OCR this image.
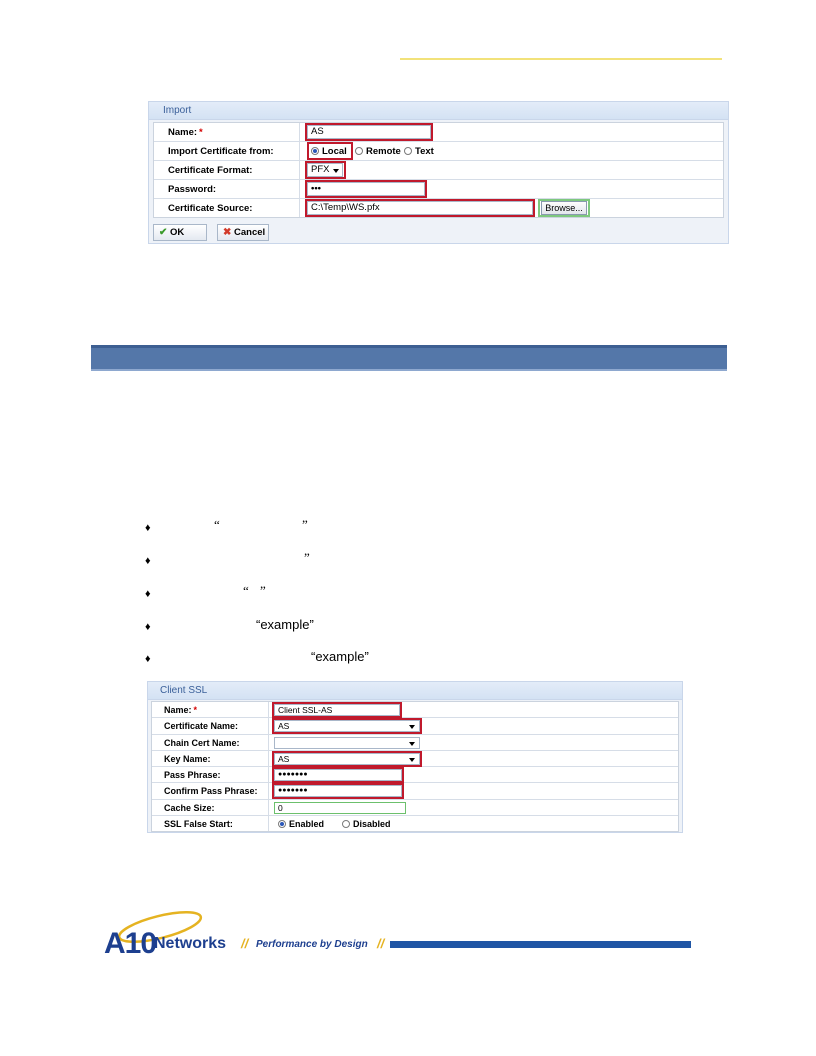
Import
Name: *	AS
Import Certificate from:	Local	Remote	Text
Certificate Format:	PFX
Password:	•••
Certificate Source:	C:\Temp\WS.pfx	Browse...
✔ OK	✖ Cancel
♦	“	”
♦	”
♦	“ ”
♦	“example”
♦	“example”
Client SSL
Name: *	Client SSL-AS
Certificate Name:	AS
Chain Cert Name:
Key Name:	AS
Pass Phrase:	●●●●●●●
Confirm Pass Phrase:	●●●●●●●
Cache Size:	0
SSL False Start:	Enabled	Disabled
A10
Networks // Performance by Design //
